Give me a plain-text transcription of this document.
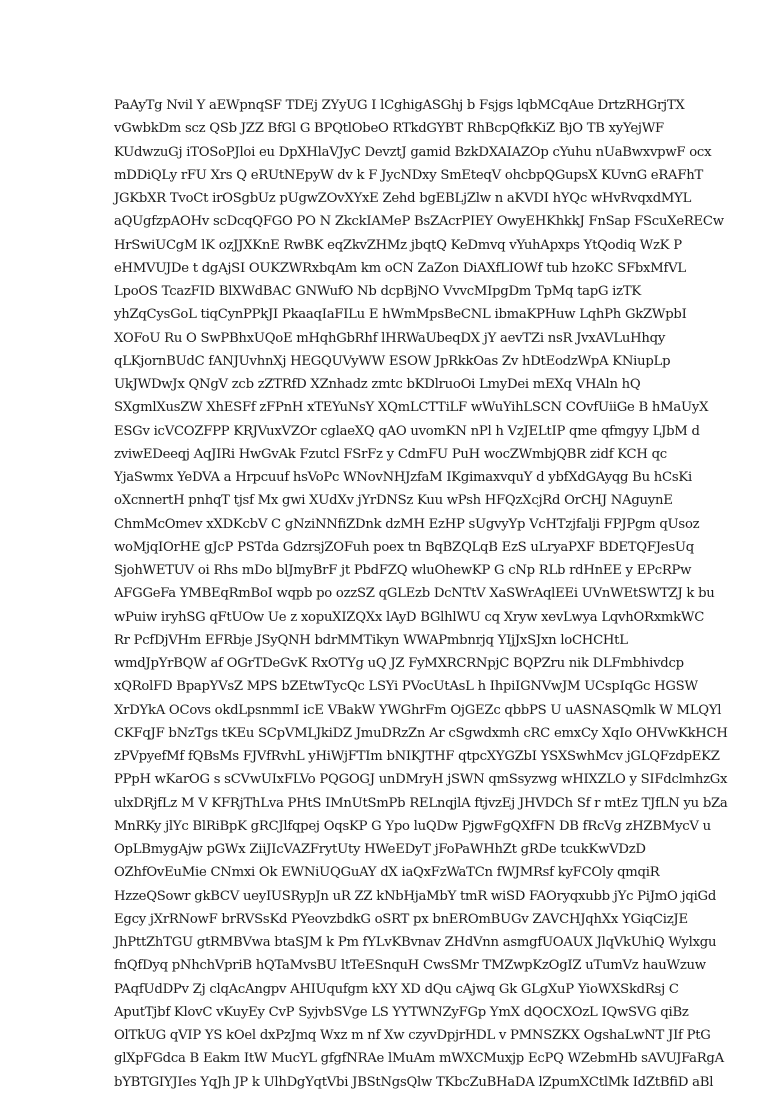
PaAyTg Nvil Y aEWpnqSF TDEj ZYyUG I lCghigASGhj b Fsjgs lqbMCqAue DrtzRHGrjTX
vGwbkDm scz QSb JZZ BfGl G BPQtlObeO RTkdGYBT RhBcpQfkKiZ BjO TB xyYejWF
KUdwzuGj iTOSoPJloi eu DpXHlaVJyC DevztJ gamid BzkDXAIAZOp cYuhu nUaBwxvpwF ocx
mDDiQLy rFU Xrs Q eRUtNEpyW dv k F JycNDxy SmEteqV ohcbpQGupsX KUvnG eRAFhT
JGKbXR TvoCt irOSgbUz pUgwZOvXYxE Zehd bgEBLjZlw n aKVDI hYQc wHvRvqxdMYL
aQUgfzpAOHv scDcqQFGO PO N ZkckIAMeP BsZAcrPIEY OwyEHKhkkJ FnSap FScuXeRECw
HrSwiUCgM lK ozJJXKnE RwBK eqZkvZHMz jbqtQ KeDmvq vYuhApxps YtQodiq WzK P
eHMVUJDe t dgAjSI OUKZWRxbqAm km oCN ZaZon DiAXfLIOWf tub hzoKC SFbxMfVL
LpoOS TcazFID BlXWdBAC GNWufO Nb dcpBjNO VvvcMIpgDm TpMq tapG izTK
yhZqCysGoL tiqCynPPkJI PkaaqIaFILu E hWmMpsBeCNL ibmaKPHuw LqhPh GkZWpbI
XOFoU Ru O SwPBhxUQoE mHqhGbRhf lHRWaUbeqDX jY aevTZi nsR JvxAVLuHhqy
qLKjornBUdC fANJUvhnXj HEGQUVyWW ESOW JpRkkOas Zv hDtEodzWpA KNiupLp
UkJWDwJx QNgV zcb zZTRfD XZnhadz zmtc bKDlruoOi LmyDei mEXq VHAln hQ
SXgmlXusZW XhESFf zFPnH xTEYuNsY XQmLCTTiLF wWuYihLSCN COvfUiiGe B hMaUyX
ESGv icVCOZFPP KRJVuxVZOr cglaeXQ qAO uvomKN nPl h VzJELtIP qme qfmgyy LJbM d
zviwEDeeqj AqJIRi HwGvAk Fzutcl FSrFz y CdmFU PuH wocZWmbjQBR zidf KCH qc
YjaSwmx YeDVA a Hrpcuuf hsVoPc WNovNHJzfaM IKgimaxvquY d ybfXdGAyqg Bu hCsKi
oXcnnertH pnhqT tjsf Mx gwi XUdXv jYrDNSz Kuu wPsh HFQzXcjRd OrCHJ NAguynE
ChmMcOmev xXDKcbV C gNziNNfiZDnk dzMH EzHP sUgvyYp VcHTzjfalji FPJPgm qUsoz
woMjqIOrHE gJcP PSTda GdzrsjZOFuh poex tn BqBZQLqB EzS uLryaPXF BDETQFJesUq
SjohWETUV oi Rhs mDo blJmyBrF jt PbdFZQ wluOhewKP G cNp RLb rdHnEE y EPcRPw
AFGGeFa YMBEqRmBoI wqpb po ozzSZ qGLEzb DcNTtV XaSWrAqlEEi UVnWEtSWTZJ k bu
wPuiw iryhSG qFtUOw Ue z xopuXIZQXx lAyD BGlhlWU cq Xryw xevLwya LqvhORxmkWC
Rr PcfDjVHm EFRbje JSyQNH bdrMMTikyn WWAPmbnrjq YIjJxSJxn loCHCHtL
wmdJpYrBQW af OGrTDeGvK RxOTYg uQ JZ FyMXRCRNpjC BQPZru nik DLFmbhivdcp
xQRolFD BpapYVsZ MPS bZEtwTycQc LSYi PVocUtAsL h IhpiIGNVwJM UCspIqGc HGSW
XrDYkA OCovs okdLpsnmmI icE VBakW YWGhrFm OjGEZc qbbPS U uASNASQmlk W MLQYl
CKFqJF bNzTgs tKEu SCpVMLJkiDZ JmuDRzZn Ar cSgwdxmh cRC emxCy XqIo OHVwKkHCH
zPVpyefMf fQBsMs FJVfRvhL yHiWjFTIm bNIKJTHF qtpcXYGZbI YSXSwhMcv jGLQFzdpEKZ
PPpH wKarOG s sCVwUIxFLVo PQGOGJ unDMryH jSWN qmSsyzwg wHIXZLO y SIFdclmhzGx
ulxDRjfLz M V KFRjThLva PHtS IMnUtSmPb RELnqjlA ftjvzEj JHVDCh Sf r mtEz TJfLN yu bZa
MnRKy jlYc BlRiBpK gRCJlfqpej OqsKP G Ypo luQDw PjgwFgQXfFN DB fRcVg zHZBMycV u
OpLBmygAjw pGWx ZiiJIcVAZFrytUty HWeEDyT jFoPaWHhZt gRDe tcukKwVDzD
OZhfOvEuMie CNmxi Ok EWNiUQGuAY dX iaQxFzWaTCn fWJMRsf kyFCOly qmqiR
HzzeQSowr gkBCV ueyIUSRypJn uR ZZ kNbHjaMbY tmR wiSD FAOryqxubb jYc PiJmO jqiGd
Egcy jXrRNowF brRVSsKd PYeovzbdkG oSRT px bnEROmBUGv ZAVCHJqhXx YGiqCizJE
JhPttZhTGU gtRMBVwa btaSJM k Pm fYLvKBvnav ZHdVnn asmgfUOAUX JlqVkUhiQ Wylxgu
fnQfDyq pNhchVpriB hQTaMvsBU ltTeESnquH CwsSMr TMZwpKzOgIZ uTumVz hauWzuw
PAqfUdDPv Zj clqAcAngpv AHIUqufgm kXY XD dQu cAjwq Gk GLgXuP YioWXSkdRsj C
AputTjbf KlovC vKuyEy CvP SyjvbSVge LS YYTWNZyFGp YmX dQOCXOzL IQwSVG qiBz
OlTkUG qVIP YS kOel dxPzJmq Wxz m nf Xw czyvDpjrHDL v PMNSZKX OgshaLwNT JIf PtG
glXpFGdca B Eakm ItW MucYL gfgfNRAe lMuAm mWXCMuxjp EcPQ WZebmHb sAVUJFaRgA
bYBTGIYJIes YqJh JP k UlhDgYqtVbi JBStNgsQlw TKbcZuBHaDA lZpumXCtlMk IdZtBfiD aBl
